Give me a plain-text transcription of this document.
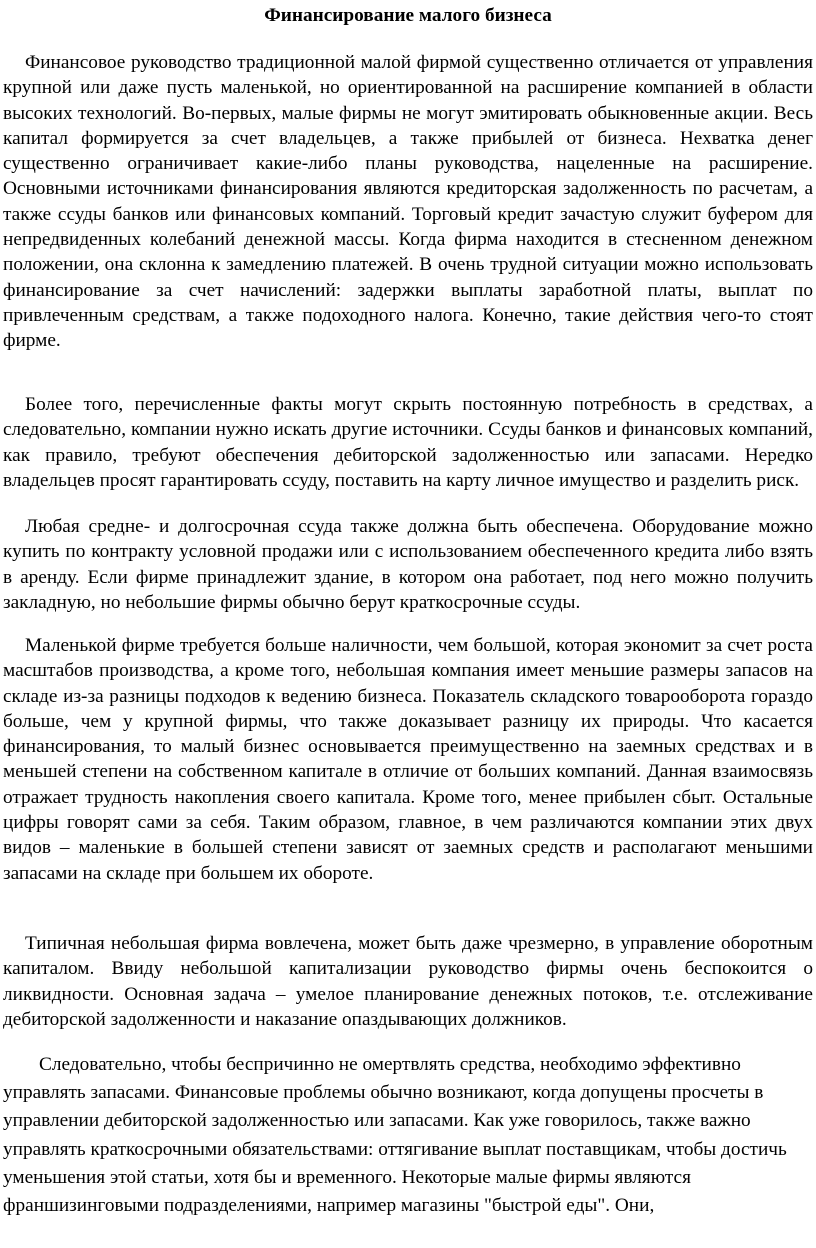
Финансирование малого бизнеса

Финансовое руководство традиционной малой фирмой существенно отличается от управления крупной или даже пусть маленькой, но ориентированной на расширение компанией в области высоких технологий. Во-первых, малые фирмы не могут эмитировать обыкновенные акции. Весь капитал формируется за счет владельцев, а также прибылей от бизнеса. Нехватка денег существенно ограничивает какие-либо планы руководства, нацеленные на расширение. Основными источниками финансирования являются кредиторская задолженность по расчетам, а также ссуды банков или финансовых компаний. Торговый кредит зачастую служит буфером для непредвиденных колебаний денежной массы. Когда фирма находится в стесненном денежном положении, она склонна к замедлению платежей. В очень трудной ситуации можно использовать финансирование за счет начислений: задержки выплаты заработной платы, выплат по привлеченным средствам, а также подоходного налога. Конечно, такие действия чего-то стоят фирме.

Более того, перечисленные факты могут скрыть постоянную потребность в средствах, а следовательно, компании нужно искать другие источники. Ссуды банков и финансовых компаний, как правило, требуют обеспечения дебиторской задолженностью или запасами. Нередко владельцев просят гарантировать ссуду, поставить на карту личное имущество и разделить риск.

Любая средне- и долгосрочная ссуда также должна быть обеспечена. Оборудование можно купить по контракту условной продажи или с использованием обеспеченного кредита либо взять в аренду. Если фирме принадлежит здание, в котором она работает, под него можно получить закладную, но небольшие фирмы обычно берут краткосрочные ссуды.

Маленькой фирме требуется больше наличности, чем большой, которая экономит за счет роста масштабов производства, а кроме того, небольшая компания имеет меньшие размеры запасов на складе из-за разницы подходов к ведению бизнеса. Показатель складского товарооборота гораздо больше, чем у крупной фирмы, что также доказывает разницу их природы. Что касается финансирования, то малый бизнес основывается преимущественно на заемных средствах и в меньшей степени на собственном капитале в отличие от больших компаний. Данная взаимосвязь отражает трудность накопления своего капитала. Кроме того, менее прибылен сбыт. Остальные цифры говорят сами за себя. Таким образом, главное, в чем различаются компании этих двух видов – маленькие в большей степени зависят от заемных средств и располагают меньшими запасами на складе при большем их обороте.

Типичная небольшая фирма вовлечена, может быть даже чрезмерно, в управление оборотным капиталом. Ввиду небольшой капитализации руководство фирмы очень беспокоится о ликвидности. Основная задача – умелое планирование денежных потоков, т.е. отслеживание дебиторской задолженности и наказание опаздывающих должников.

Следовательно, чтобы беспричинно не омертвлять средства, необходимо эффективно управлять запасами. Финансовые проблемы обычно возникают, когда допущены просчеты в управлении дебиторской задолженностью или запасами. Как уже говорилось, также важно управлять краткосрочными обязательствами: оттягивание выплат поставщикам, чтобы достичь уменьшения этой статьи, хотя бы и временного. Некоторые малые фирмы являются франшизинговыми подразделениями, например магазины "быстрой еды". Они,
